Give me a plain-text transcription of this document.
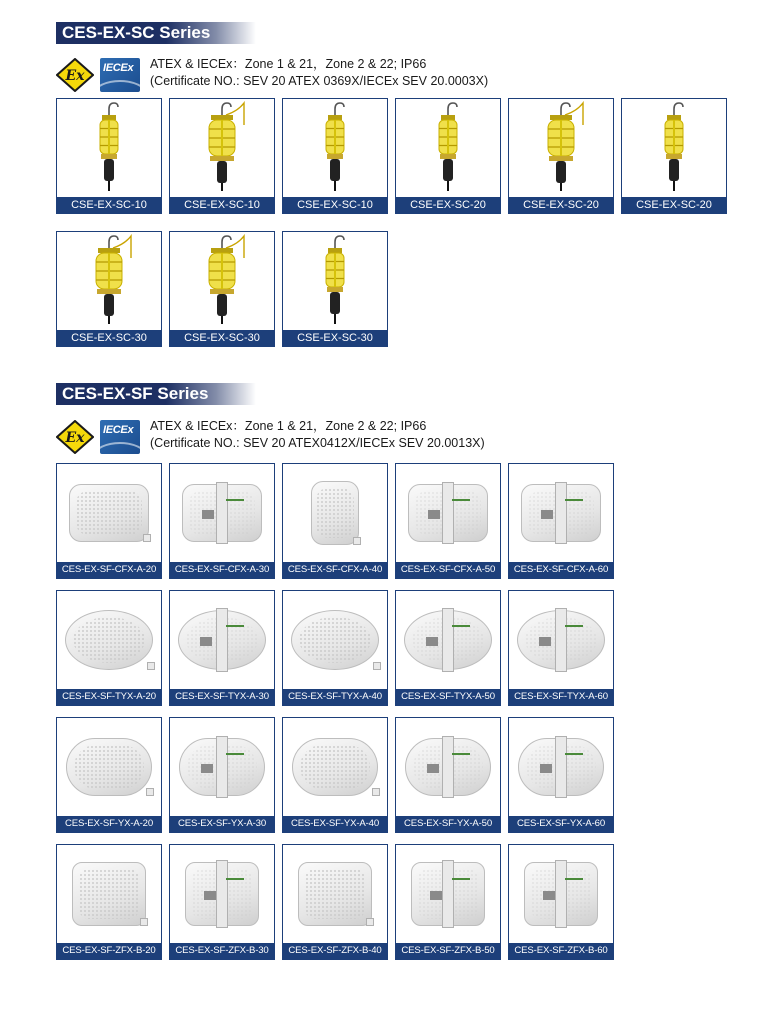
CES-EX-SC Series
Ex IECEx ATEX & IECEx：Zone 1 & 21，Zone 2 & 22; IP66
(Certificate NO.: SEV 20 ATEX 0369X/IECEx SEV 20.0003X)
CSE-EX-SC-10	CSE-EX-SC-10	CSE-EX-SC-10	CSE-EX-SC-20	CSE-EX-SC-20	CSE-EX-SC-20
CSE-EX-SC-30	CSE-EX-SC-30	CSE-EX-SC-30
CES-EX-SF Series
Ex IECEx ATEX & IECEx：Zone 1 & 21，Zone 2 & 22; IP66
(Certificate NO.: SEV 20 ATEX0412X/IECEx SEV 20.0013X)
CES-EX-SF-CFX-A-20	CES-EX-SF-CFX-A-30	CES-EX-SF-CFX-A-40	CES-EX-SF-CFX-A-50	CES-EX-SF-CFX-A-60
CES-EX-SF-TYX-A-20	CES-EX-SF-TYX-A-30	CES-EX-SF-TYX-A-40	CES-EX-SF-TYX-A-50	CES-EX-SF-TYX-A-60
CES-EX-SF-YX-A-20	CES-EX-SF-YX-A-30	CES-EX-SF-YX-A-40	CES-EX-SF-YX-A-50	CES-EX-SF-YX-A-60
CES-EX-SF-ZFX-B-20	CES-EX-SF-ZFX-B-30	CES-EX-SF-ZFX-B-40	CES-EX-SF-ZFX-B-50	CES-EX-SF-ZFX-B-60
